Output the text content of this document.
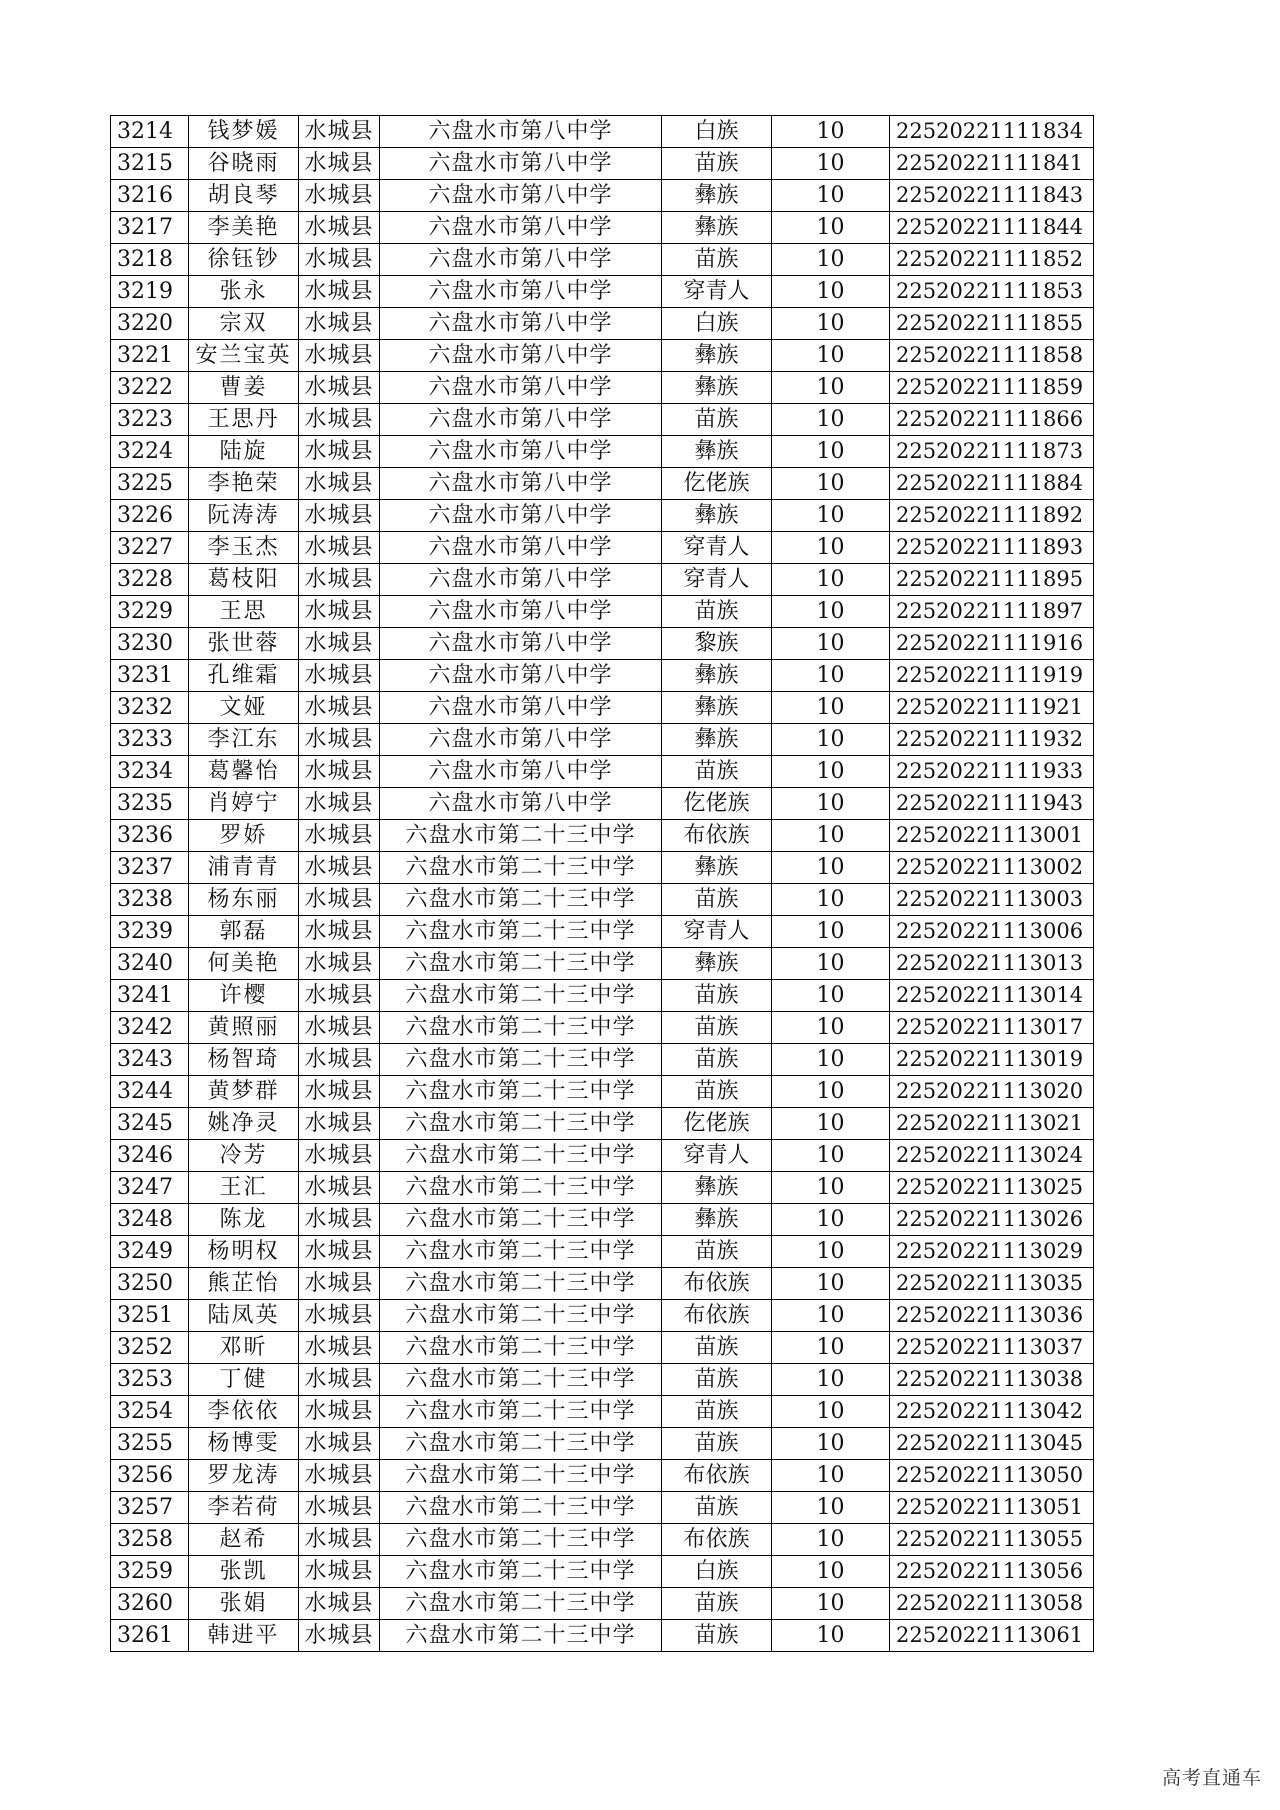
3214	钱梦媛	水城县	六盘水市第八中学	白族	10	22520221111834
3215	谷晓雨	水城县	六盘水市第八中学	苗族	10	22520221111841
3216	胡良琴	水城县	六盘水市第八中学	彝族	10	22520221111843
3217	李美艳	水城县	六盘水市第八中学	彝族	10	22520221111844
3218	徐钰钞	水城县	六盘水市第八中学	苗族	10	22520221111852
3219	张永	水城县	六盘水市第八中学	穿青人	10	22520221111853
3220	宗双	水城县	六盘水市第八中学	白族	10	22520221111855
3221	安兰宝英	水城县	六盘水市第八中学	彝族	10	22520221111858
3222	曹姜	水城县	六盘水市第八中学	彝族	10	22520221111859
3223	王思丹	水城县	六盘水市第八中学	苗族	10	22520221111866
3224	陆旋	水城县	六盘水市第八中学	彝族	10	22520221111873
3225	李艳荣	水城县	六盘水市第八中学	仡佬族	10	22520221111884
3226	阮涛涛	水城县	六盘水市第八中学	彝族	10	22520221111892
3227	李玉杰	水城县	六盘水市第八中学	穿青人	10	22520221111893
3228	葛枝阳	水城县	六盘水市第八中学	穿青人	10	22520221111895
3229	王思	水城县	六盘水市第八中学	苗族	10	22520221111897
3230	张世蓉	水城县	六盘水市第八中学	黎族	10	22520221111916
3231	孔维霜	水城县	六盘水市第八中学	彝族	10	22520221111919
3232	文娅	水城县	六盘水市第八中学	彝族	10	22520221111921
3233	李江东	水城县	六盘水市第八中学	彝族	10	22520221111932
3234	葛馨怡	水城县	六盘水市第八中学	苗族	10	22520221111933
3235	肖婷宁	水城县	六盘水市第八中学	仡佬族	10	22520221111943
3236	罗娇	水城县	六盘水市第二十三中学	布依族	10	22520221113001
3237	浦青青	水城县	六盘水市第二十三中学	彝族	10	22520221113002
3238	杨东丽	水城县	六盘水市第二十三中学	苗族	10	22520221113003
3239	郭磊	水城县	六盘水市第二十三中学	穿青人	10	22520221113006
3240	何美艳	水城县	六盘水市第二十三中学	彝族	10	22520221113013
3241	许樱	水城县	六盘水市第二十三中学	苗族	10	22520221113014
3242	黄照丽	水城县	六盘水市第二十三中学	苗族	10	22520221113017
3243	杨智琦	水城县	六盘水市第二十三中学	苗族	10	22520221113019
3244	黄梦群	水城县	六盘水市第二十三中学	苗族	10	22520221113020
3245	姚净灵	水城县	六盘水市第二十三中学	仡佬族	10	22520221113021
3246	冷芳	水城县	六盘水市第二十三中学	穿青人	10	22520221113024
3247	王汇	水城县	六盘水市第二十三中学	彝族	10	22520221113025
3248	陈龙	水城县	六盘水市第二十三中学	彝族	10	22520221113026
3249	杨明权	水城县	六盘水市第二十三中学	苗族	10	22520221113029
3250	熊芷怡	水城县	六盘水市第二十三中学	布依族	10	22520221113035
3251	陆凤英	水城县	六盘水市第二十三中学	布依族	10	22520221113036
3252	邓昕	水城县	六盘水市第二十三中学	苗族	10	22520221113037
3253	丁健	水城县	六盘水市第二十三中学	苗族	10	22520221113038
3254	李依依	水城县	六盘水市第二十三中学	苗族	10	22520221113042
3255	杨博雯	水城县	六盘水市第二十三中学	苗族	10	22520221113045
3256	罗龙涛	水城县	六盘水市第二十三中学	布依族	10	22520221113050
3257	李若荷	水城县	六盘水市第二十三中学	苗族	10	22520221113051
3258	赵希	水城县	六盘水市第二十三中学	布依族	10	22520221113055
3259	张凯	水城县	六盘水市第二十三中学	白族	10	22520221113056
3260	张娟	水城县	六盘水市第二十三中学	苗族	10	22520221113058
3261	韩进平	水城县	六盘水市第二十三中学	苗族	10	22520221113061
高考直通车
